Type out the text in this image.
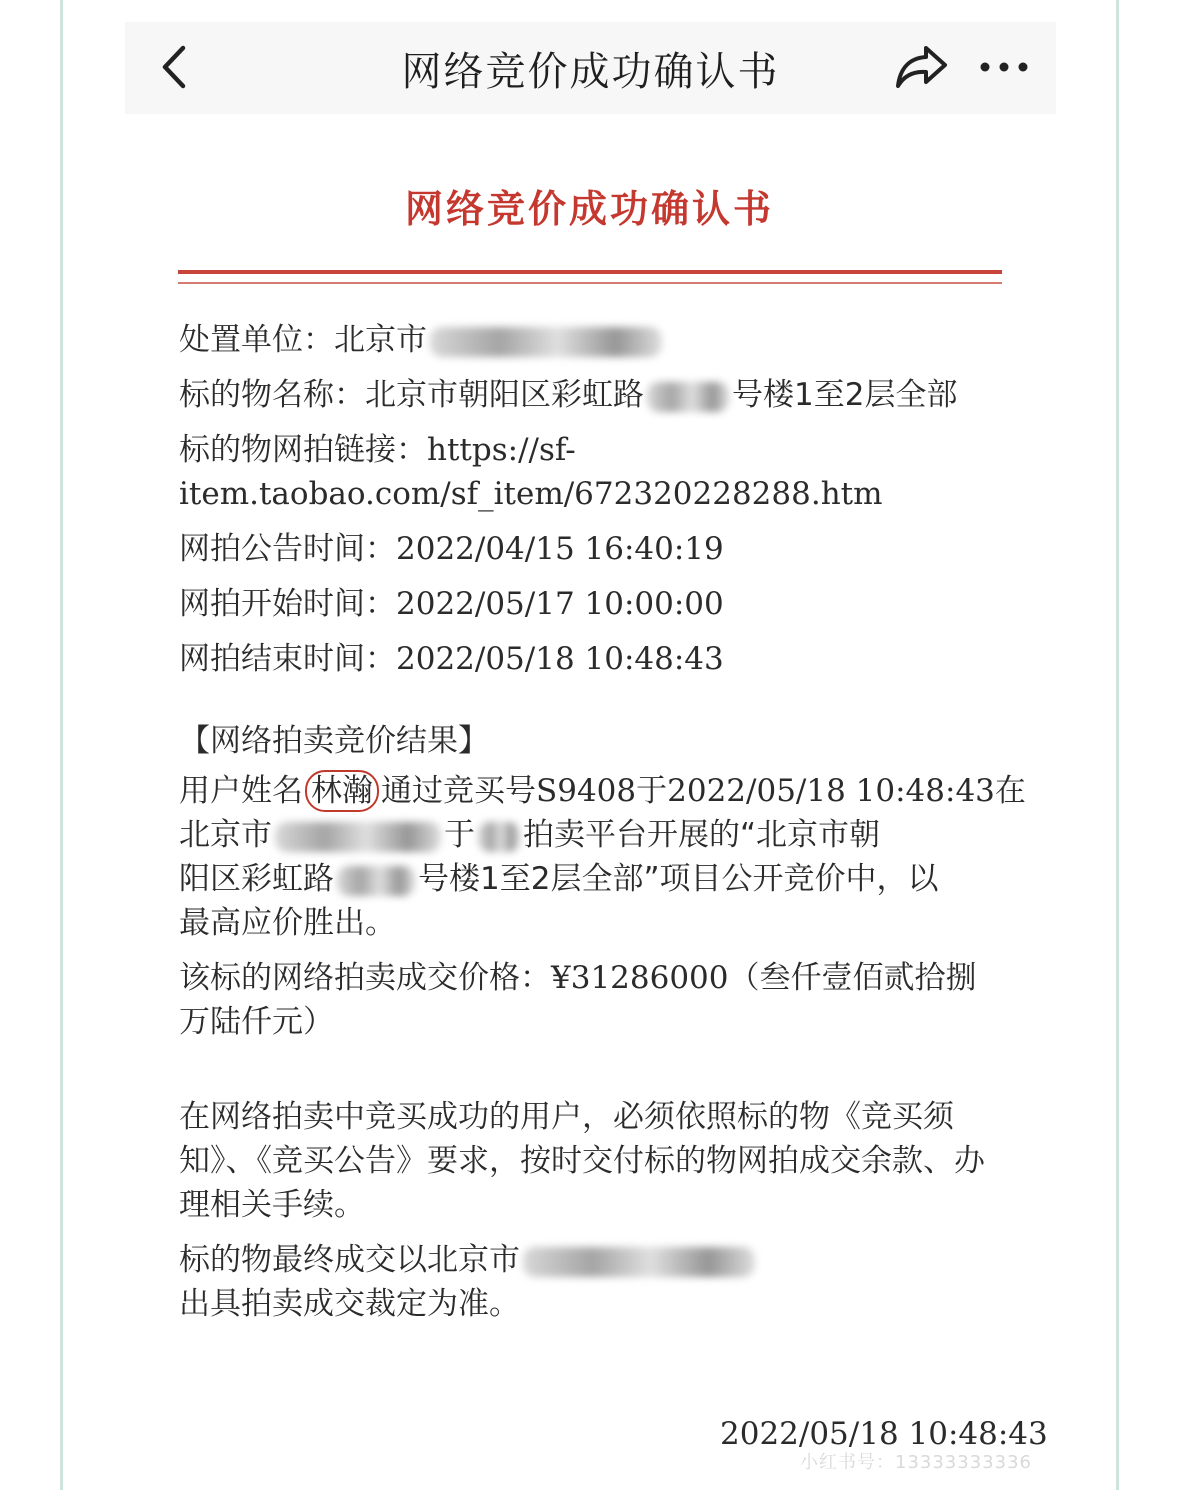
网络竞价成功确认书
网络竞价成功确认书
处置单位：北京市
标的物名称：北京市朝阳区彩虹路	号楼1至2层全部
标的物网拍链接：https://sf-
item.taobao.com/sf_item/672320228288.htm
网拍公告时间：2022/04/15 16:40:19
网拍开始时间：2022/05/17 10:00:00
网拍结束时间：2022/05/18 10:48:43
【网络拍卖竞价结果】
用户姓名 林瀚 通过竞买号S9408于2022/05/18 10:48:43在
北京市	于 拍卖平台开展的“北京市朝
阳区彩虹路	号楼1至2层全部”项目公开竞价中，以
最高应价胜出。
该标的网络拍卖成交价格：¥31286000（叁仟壹佰贰拾捌
万陆仟元）
在网络拍卖中竞买成功的用户，必须依照标的物《竞买须知》、《竞买公告》要求，按时交付标的物网拍成交余款、办理相关手续。
标的物最终成交以北京市
出具拍卖成交裁定为准。
2022/05/18 10:48:43
小红书号：13333333336
